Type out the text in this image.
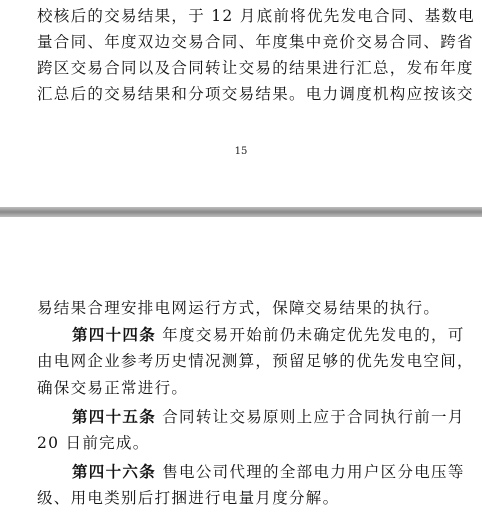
校核后的交易结果，于 12 月底前将优先发电合同、基数电
量合同、年度双边交易合同、年度集中竞价交易合同、跨省
跨区交易合同以及合同转让交易的结果进行汇总，发布年度
汇总后的交易结果和分项交易结果。电力调度机构应按该交
15
易结果合理安排电网运行方式，保障交易结果的执行。
第四十四条 年度交易开始前仍未确定优先发电的，可
由电网企业参考历史情况测算，预留足够的优先发电空间，
确保交易正常进行。
第四十五条 合同转让交易原则上应于合同执行前一月
20 日前完成。
第四十六条 售电公司代理的全部电力用户区分电压等
级、用电类别后打捆进行电量月度分解。
